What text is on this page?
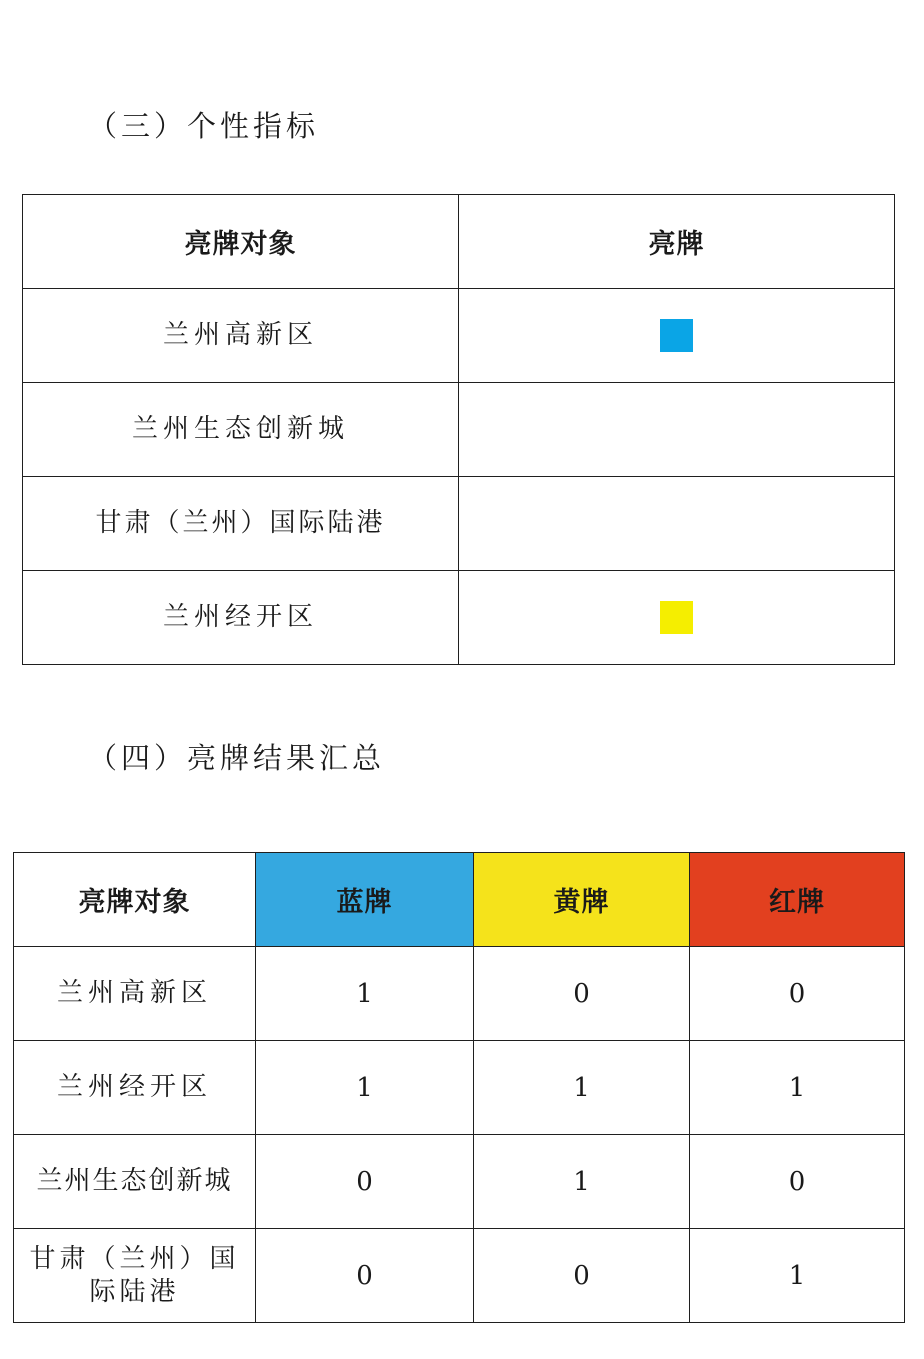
（三）个性指标
亮牌对象	亮牌
兰州高新区	
兰州生态创新城	
甘肃（兰州）国际陆港	
兰州经开区	
（四）亮牌结果汇总
亮牌对象	蓝牌	黄牌	红牌
兰州高新区	1	0	0
兰州经开区	1	1	1
兰州生态创新城	0	1	0
甘肃（兰州）国际陆港	0	0	1
